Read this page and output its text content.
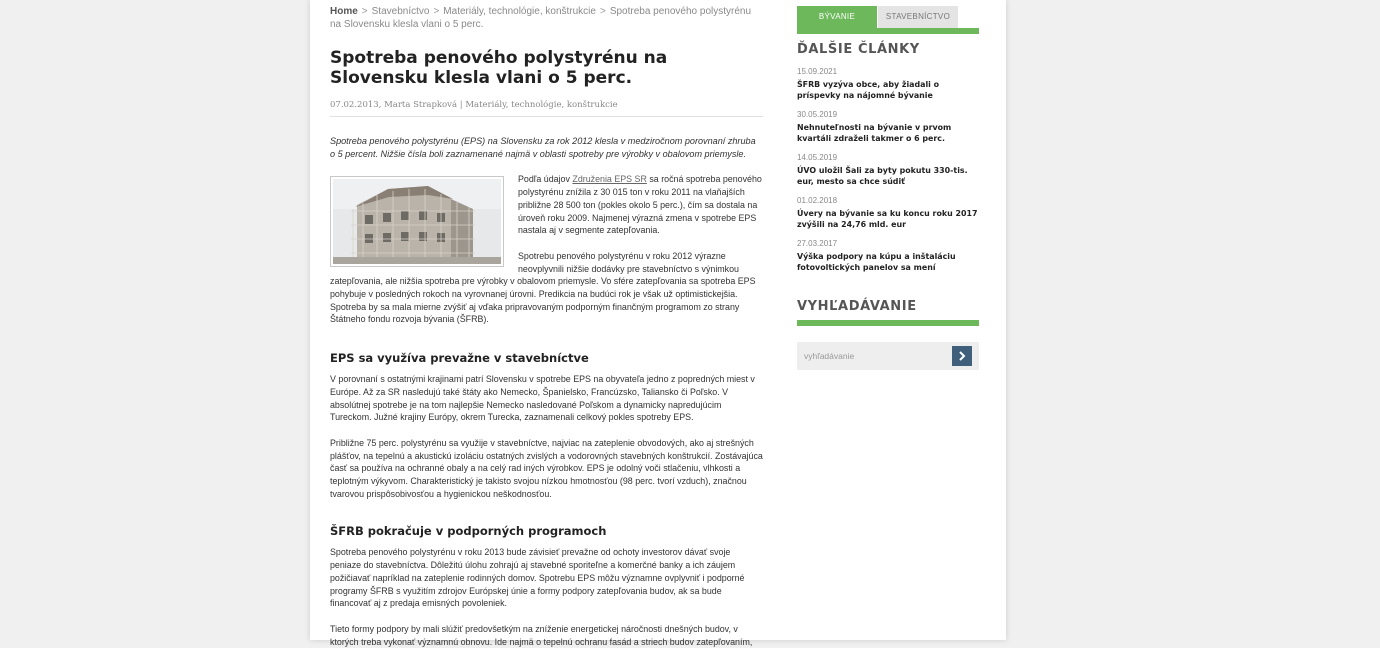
Home > Stavebníctvo > Materiály, technológie, konštrukcie > Spotreba penového polystyrénu na Slovensku klesla vlani o 5 perc.
Spotreba penového polystyrénu na Slovensku klesla vlani o 5 perc.
07.02.2013, Marta Strapková | Materiály, technológie, konštrukcie
Spotreba penového polystyrénu (EPS) na Slovensku za rok 2012 klesla v medziročnom porovnaní zhruba o 5 percent. Nižšie čísla boli zaznamenané najmä v oblasti spotreby pre výrobky v obalovom priemysle.

Podľa údajov Združenia EPS SR sa ročná spotreba penového polystyrénu znížila z 30 015 ton v roku 2011 na vlaňajších približne 28 500 ton (pokles okolo 5 perc.), čím sa dostala na úroveň roku 2009. Najmenej výrazná zmena v spotrebe EPS nastala aj v segmente zatepľovania.

Spotrebu penového polystyrénu v roku 2012 výrazne neovplyvnili nižšie dodávky pre stavebníctvo s výnimkou zatepľovania, ale nižšia spotreba pre výrobky v obalovom priemysle. Vo sfére zatepľovania sa spotreba EPS pohybuje v posledných rokoch na vyrovnanej úrovni. Predikcia na budúci rok je však už optimistickejšia. Spotreba by sa mala mierne zvýšiť aj vďaka pripravovaným podporným finančným programom zo strany Štátneho fondu rozvoja bývania (ŠFRB).

EPS sa využíva prevažne v stavebníctve

V porovnaní s ostatnými krajinami patrí Slovensku v spotrebe EPS na obyvateľa jedno z popredných miest v Európe. Až za SR nasledujú také štáty ako Nemecko, Španielsko, Francúzsko, Taliansko či Poľsko. V absolútnej spotrebe je na tom najlepšie Nemecko nasledované Poľskom a dynamicky napredujúcim Tureckom. Južné krajiny Európy, okrem Turecka, zaznamenali celkový pokles spotreby EPS.

Približne 75 perc. polystyrénu sa využije v stavebníctve, najviac na zateplenie obvodových, ako aj strešných plášťov, na tepelnú a akustickú izoláciu ostatných zvislých a vodorovných stavebných konštrukcií. Zostávajúca časť sa používa na ochranné obaly a na celý rad iných výrobkov. EPS je odolný voči stlačeniu, vlhkosti a teplotným výkyvom. Charakteristický je takisto svojou nízkou hmotnosťou (98 perc. tvorí vzduch), značnou tvarovou prispôsobivosťou a hygienickou neškodnosťou.

ŠFRB pokračuje v podporných programoch

Spotreba penového polystyrénu v roku 2013 bude závisieť prevažne od ochoty investorov dávať svoje peniaze do stavebníctva. Dôležitú úlohu zohrajú aj stavebné sporiteľne a komerčné banky a ich záujem požičiavať napríklad na zateplenie rodinných domov. Spotrebu EPS môžu významne ovplyvniť i podporné programy ŠFRB s využitím zdrojov Európskej únie a formy podpory zatepľovania budov, ak sa bude financovať aj z predaja emisných povoleniek.

Tieto formy podpory by mali slúžiť predovšetkým na zníženie energetickej náročnosti dnešných budov, v ktorých treba vykonať významnú obnovu. Ide najmä o tepelnú ochranu fasád a striech budov zatepľovaním,

BÝVANIE	STAVEBNÍCTVO
ĎALŠIE ČLÁNKY
15.09.2021
ŠFRB vyzýva obce, aby žiadali o príspevky na nájomné bývanie
30.05.2019
Nehnuteľnosti na bývanie v prvom kvartáli zdraželi takmer o 6 perc.
14.05.2019
ÚVO uložil Šali za byty pokutu 330-tis. eur, mesto sa chce súdiť
01.02.2018
Úvery na bývanie sa ku koncu roku 2017 zvýšili na 24,76 mld. eur
27.03.2017
Výška podpory na kúpu a inštaláciu fotovoltických panelov sa mení
VYHĽADÁVANIE
vyhľadávanie
